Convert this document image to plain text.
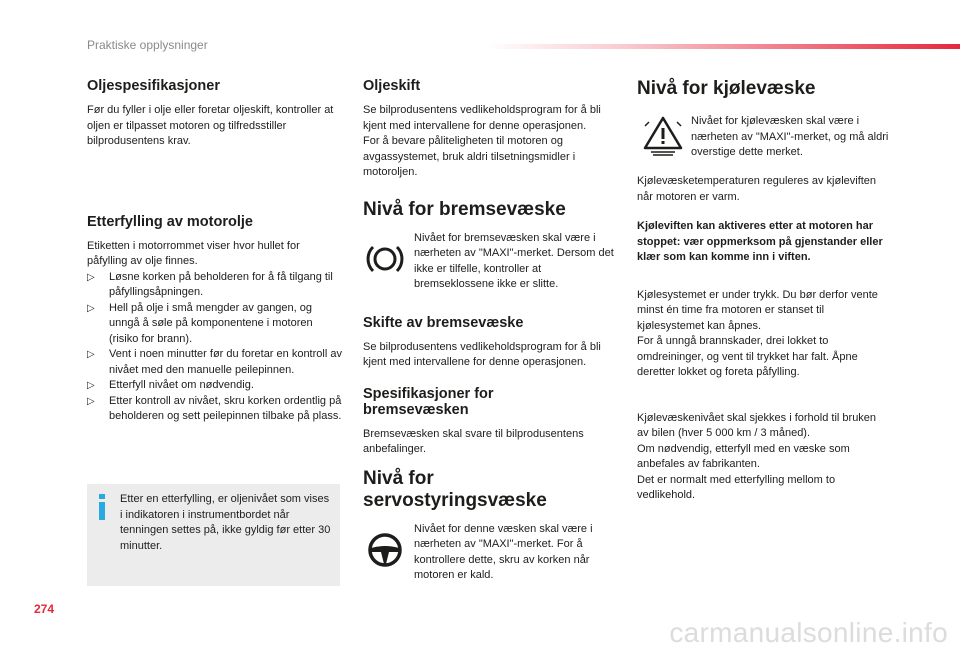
Praktiske opplysninger
Oljespesifikasjoner

Før du fyller i olje eller foretar oljeskift, kontroller at oljen er tilpasset motoren og tilfredsstiller bilprodusentens krav.

Etterfylling av motorolje

Etiketten i motorrommet viser hvor hullet for påfylling av olje finnes.

▷	Løsne korken på beholderen for å få tilgang til påfyllingsåpningen.
▷	Hell på olje i små mengder av gangen, og unngå å søle på komponentene i motoren (risiko for brann).
▷	Vent i noen minutter før du foretar en kontroll av nivået med den manuelle peilepinnen.
▷	Etterfyll nivået om nødvendig.
▷	Etter kontroll av nivået, skru korken ordentlig på beholderen og sett peilepinnen tilbake på plass.
Etter en etterfylling, er oljenivået som vises i indikatoren i instrumentbordet når tenningen settes på, ikke gyldig før etter 30 minutter.
Oljeskift

Se bilprodusentens vedlikeholdsprogram for å bli kjent med intervallene for denne operasjonen.

For å bevare påliteligheten til motoren og avgassystemet, bruk aldri tilsetningsmidler i motoroljen.

Nivå for bremsevæske

Nivået for bremsevæsken skal være i nærheten av "MAXI"-merket. Dersom det ikke er tilfelle, kontroller at bremseklossene ikke er slitte.

Skifte av bremsevæske

Se bilprodusentens vedlikeholdsprogram for å bli kjent med intervallene for denne operasjonen.

Spesifikasjoner for
bremsevæsken

Bremsevæsken skal svare til bilprodusentens anbefalinger.

Nivå for
servostyringsvæske

Nivået for denne væsken skal være i nærheten av "MAXI"-merket. For å kontrollere dette, skru av korken når motoren er kald.

Nivå for kjølevæske

Nivået for kjølevæsken skal være i nærheten av "MAXI"-merket, og må aldri overstige dette merket.

Kjølevæsketemperaturen reguleres av kjøleviften når motoren er varm.

Kjøleviften kan aktiveres etter at motoren har stoppet: vær oppmerksom på gjenstander eller klær som kan komme inn i viften.

Kjølesystemet er under trykk. Du bør derfor vente minst én time fra motoren er stanset til kjølesystemet kan åpnes.

For å unngå brannskader, drei lokket to omdreininger, og vent til trykket har falt. Åpne deretter lokket og foreta påfylling.

Kjølevæskenivået skal sjekkes i forhold til bruken av bilen (hver 5 000 km / 3 måned).

Om nødvendig, etterfyll med en væske som anbefales av fabrikanten.

Det er normalt med etterfylling mellom to vedlikehold.

274
carmanualsonline.info
